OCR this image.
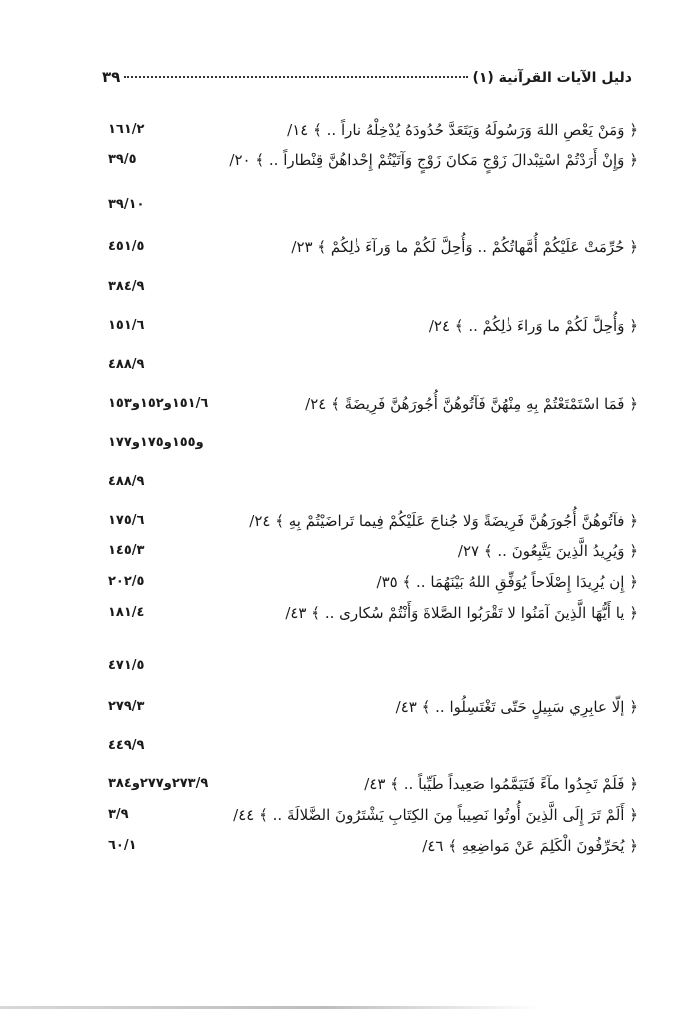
دليل الآيات القرآنية (١)
٣٩
﴿ وَمَنْ يَعْصِ اللهَ وَرَسُولَهُ وَيَتَعَدَّ حُدُودَهُ يُدْخِلْهُ ناراً .. ﴾ ١٤/
١٦١/٢
﴿ وَإِنْ أَرَدْتُمْ اسْتِبْدالَ زَوْجٍ مَكانَ زَوْجٍ وَآتَيْتُمْ إِحْداهُنَّ قِنْطاراً .. ﴾ ٢٠/
٣٩/٥
٣٩/١٠
﴿ حُرِّمَتْ عَلَيْكُمْ أُمَّهاتُكُمْ .. وَأُحِلَّ لَكُمْ ما وَرآءَ ذٰلِكُمْ ﴾ ٢٣/
٤٥١/٥
٣٨٤/٩
﴿ وَأُحِلَّ لَكُمْ ما وَراءَ ذٰلِكُمْ .. ﴾ ٢٤/
١٥١/٦
٤٨٨/٩
﴿ فَمَا اسْتَمْتَعْتُمْ بِهِ مِنْهُنَّ فَآتُوهُنَّ أُجُورَهُنَّ فَرِيضَةً ﴾ ٢٤/
١٥١/٦و١٥٢و١٥٣
و١٥٥و١٧٥و١٧٧
٤٨٨/٩
﴿ فآتُوهُنَّ أُجُورَهُنَّ فَرِيضَةً وَلا جُناحَ عَلَيْكُمْ فِيما تَراضَيْتُمْ بِهِ ﴾ ٢٤/
١٧٥/٦
﴿ وَيُرِيدُ الَّذِينَ يَتَّبِعُونَ .. ﴾ ٢٧/
١٤٥/٣
﴿ إِن يُرِيدَا إِصْلَاحاً يُوَفِّقِ اللهُ بَيْنَهُمَا .. ﴾ ٣٥/
٢٠٢/٥
﴿ يا أَيُّهَا الَّذِينَ آمَنُوا لا تَقْرَبُوا الصَّلاةَ وَأَنْتُمْ سُكارى .. ﴾ ٤٣/
١٨١/٤
٤٧١/٥
﴿ إلّا عابِرِي سَبِيلٍ حَتّى تَغْتَسِلُوا .. ﴾ ٤٣/
٢٧٩/٣
٤٤٩/٩
﴿ فَلَمْ تَجِدُوا مآءً فَتَيَمَّمُوا صَعِيداً طَيِّباً .. ﴾ ٤٣/
٢٧٣/٩و٢٧٧و٣٨٤
﴿ أَلَمْ تَرَ إِلَى الَّذِينَ أُوتُوا نَصِيباً مِنَ الكِتَابِ يَشْتَرُونَ الضَّلالَةَ .. ﴾ ٤٤/
٣/٩
﴿ يُحَرِّفُونَ الْكَلِمَ عَنْ مَواضِعِهِ ﴾ ٤٦/
٦٠/١
